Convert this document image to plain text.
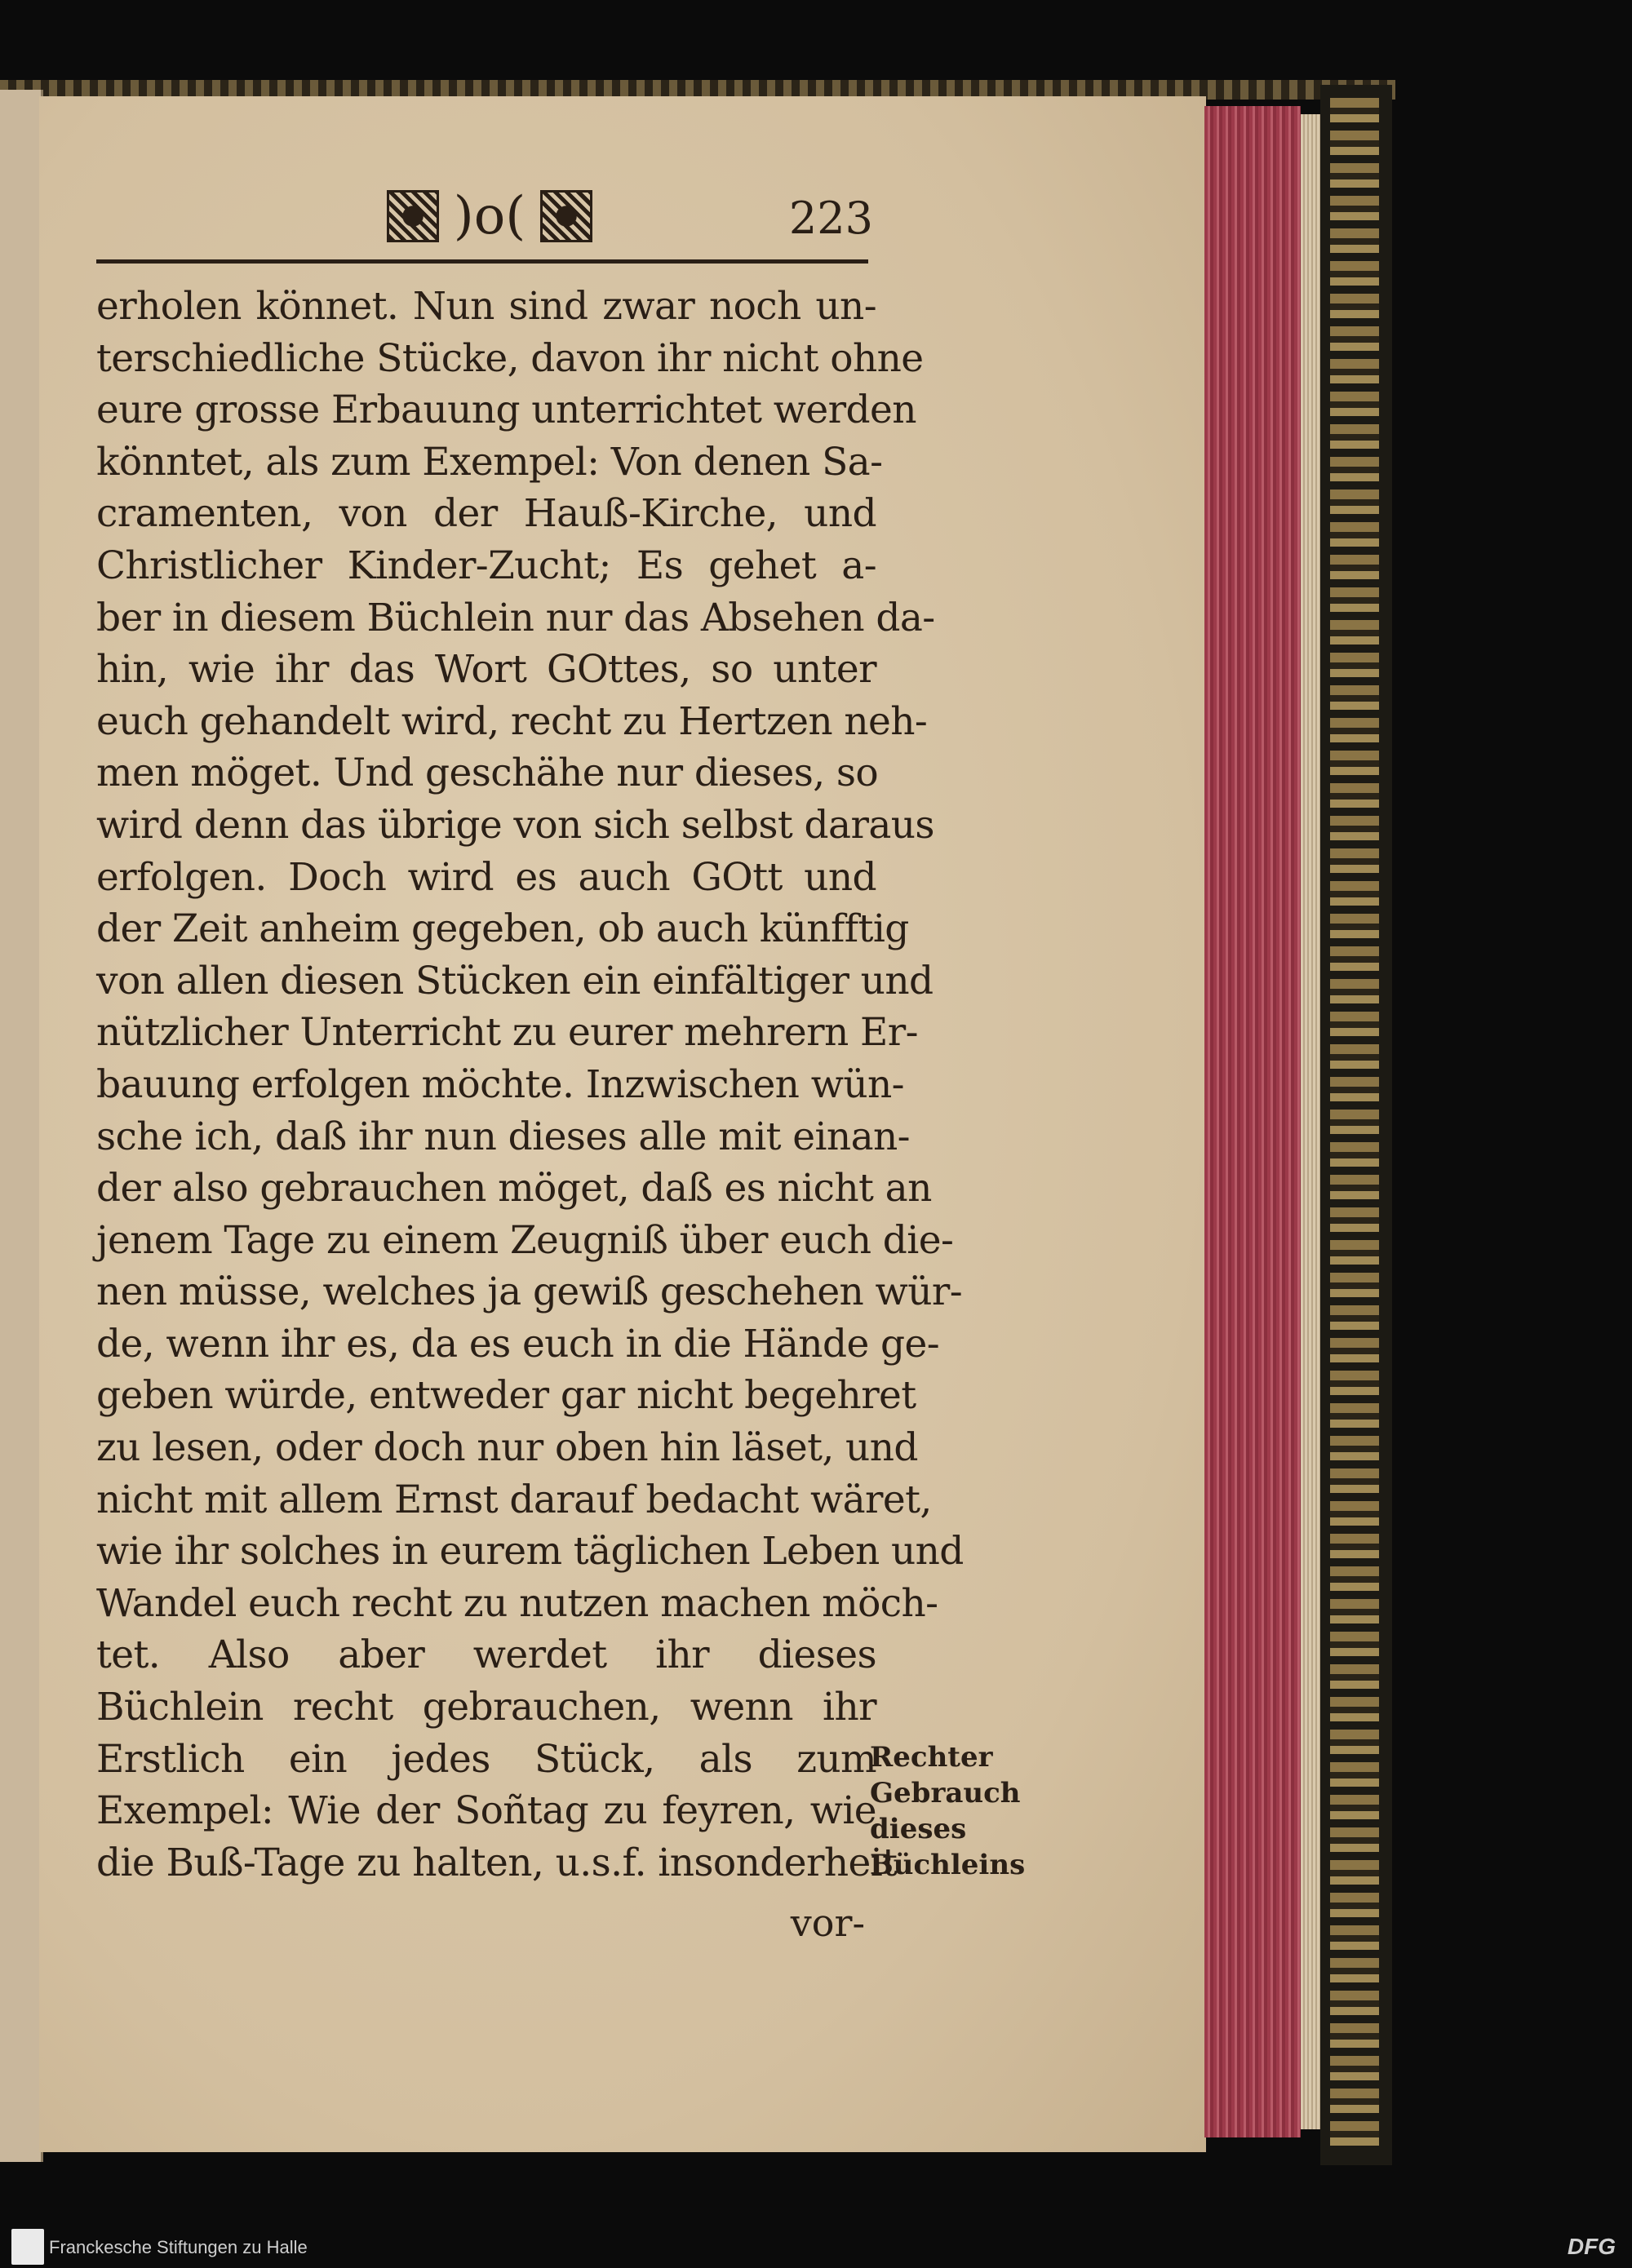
)o(	223
erholen könnet. Nun sind zwar noch un-
terschiedliche Stücke, davon ihr nicht ohne
eure grosse Erbauung unterrichtet werden
könntet, als zum Exempel: Von denen Sa-
cramenten, von der Hauß-Kirche, und
Christlicher Kinder-Zucht; Es gehet a-
ber in diesem Büchlein nur das Absehen da-
hin, wie ihr das Wort GOttes, so unter
euch gehandelt wird, recht zu Hertzen neh-
men möget. Und geschähe nur dieses, so
wird denn das übrige von sich selbst daraus
erfolgen. Doch wird es auch GOtt und
der Zeit anheim gegeben, ob auch künfftig
von allen diesen Stücken ein einfältiger und
nützlicher Unterricht zu eurer mehrern Er-
bauung erfolgen möchte. Inzwischen wün-
sche ich, daß ihr nun dieses alle mit einan-
der also gebrauchen möget, daß es nicht an
jenem Tage zu einem Zeugniß über euch die-
nen müsse, welches ja gewiß geschehen wür-
de, wenn ihr es, da es euch in die Hände ge-
geben würde, entweder gar nicht begehret
zu lesen, oder doch nur oben hin läset, und
nicht mit allem Ernst darauf bedacht wäret,
wie ihr solches in eurem täglichen Leben und
Wandel euch recht zu nutzen machen möch-
tet. Also aber werdet ihr dieses
Büchlein recht gebrauchen, wenn ihr
Erstlich ein jedes Stück, als zum
Exempel: Wie der Soñtag zu feyren, wie
die Buß-Tage zu halten, u.s.f. insonderheit
vor-
Rechter
Gebrauch
dieses
Büchleins
Franckesche Stiftungen zu Halle	DFG
